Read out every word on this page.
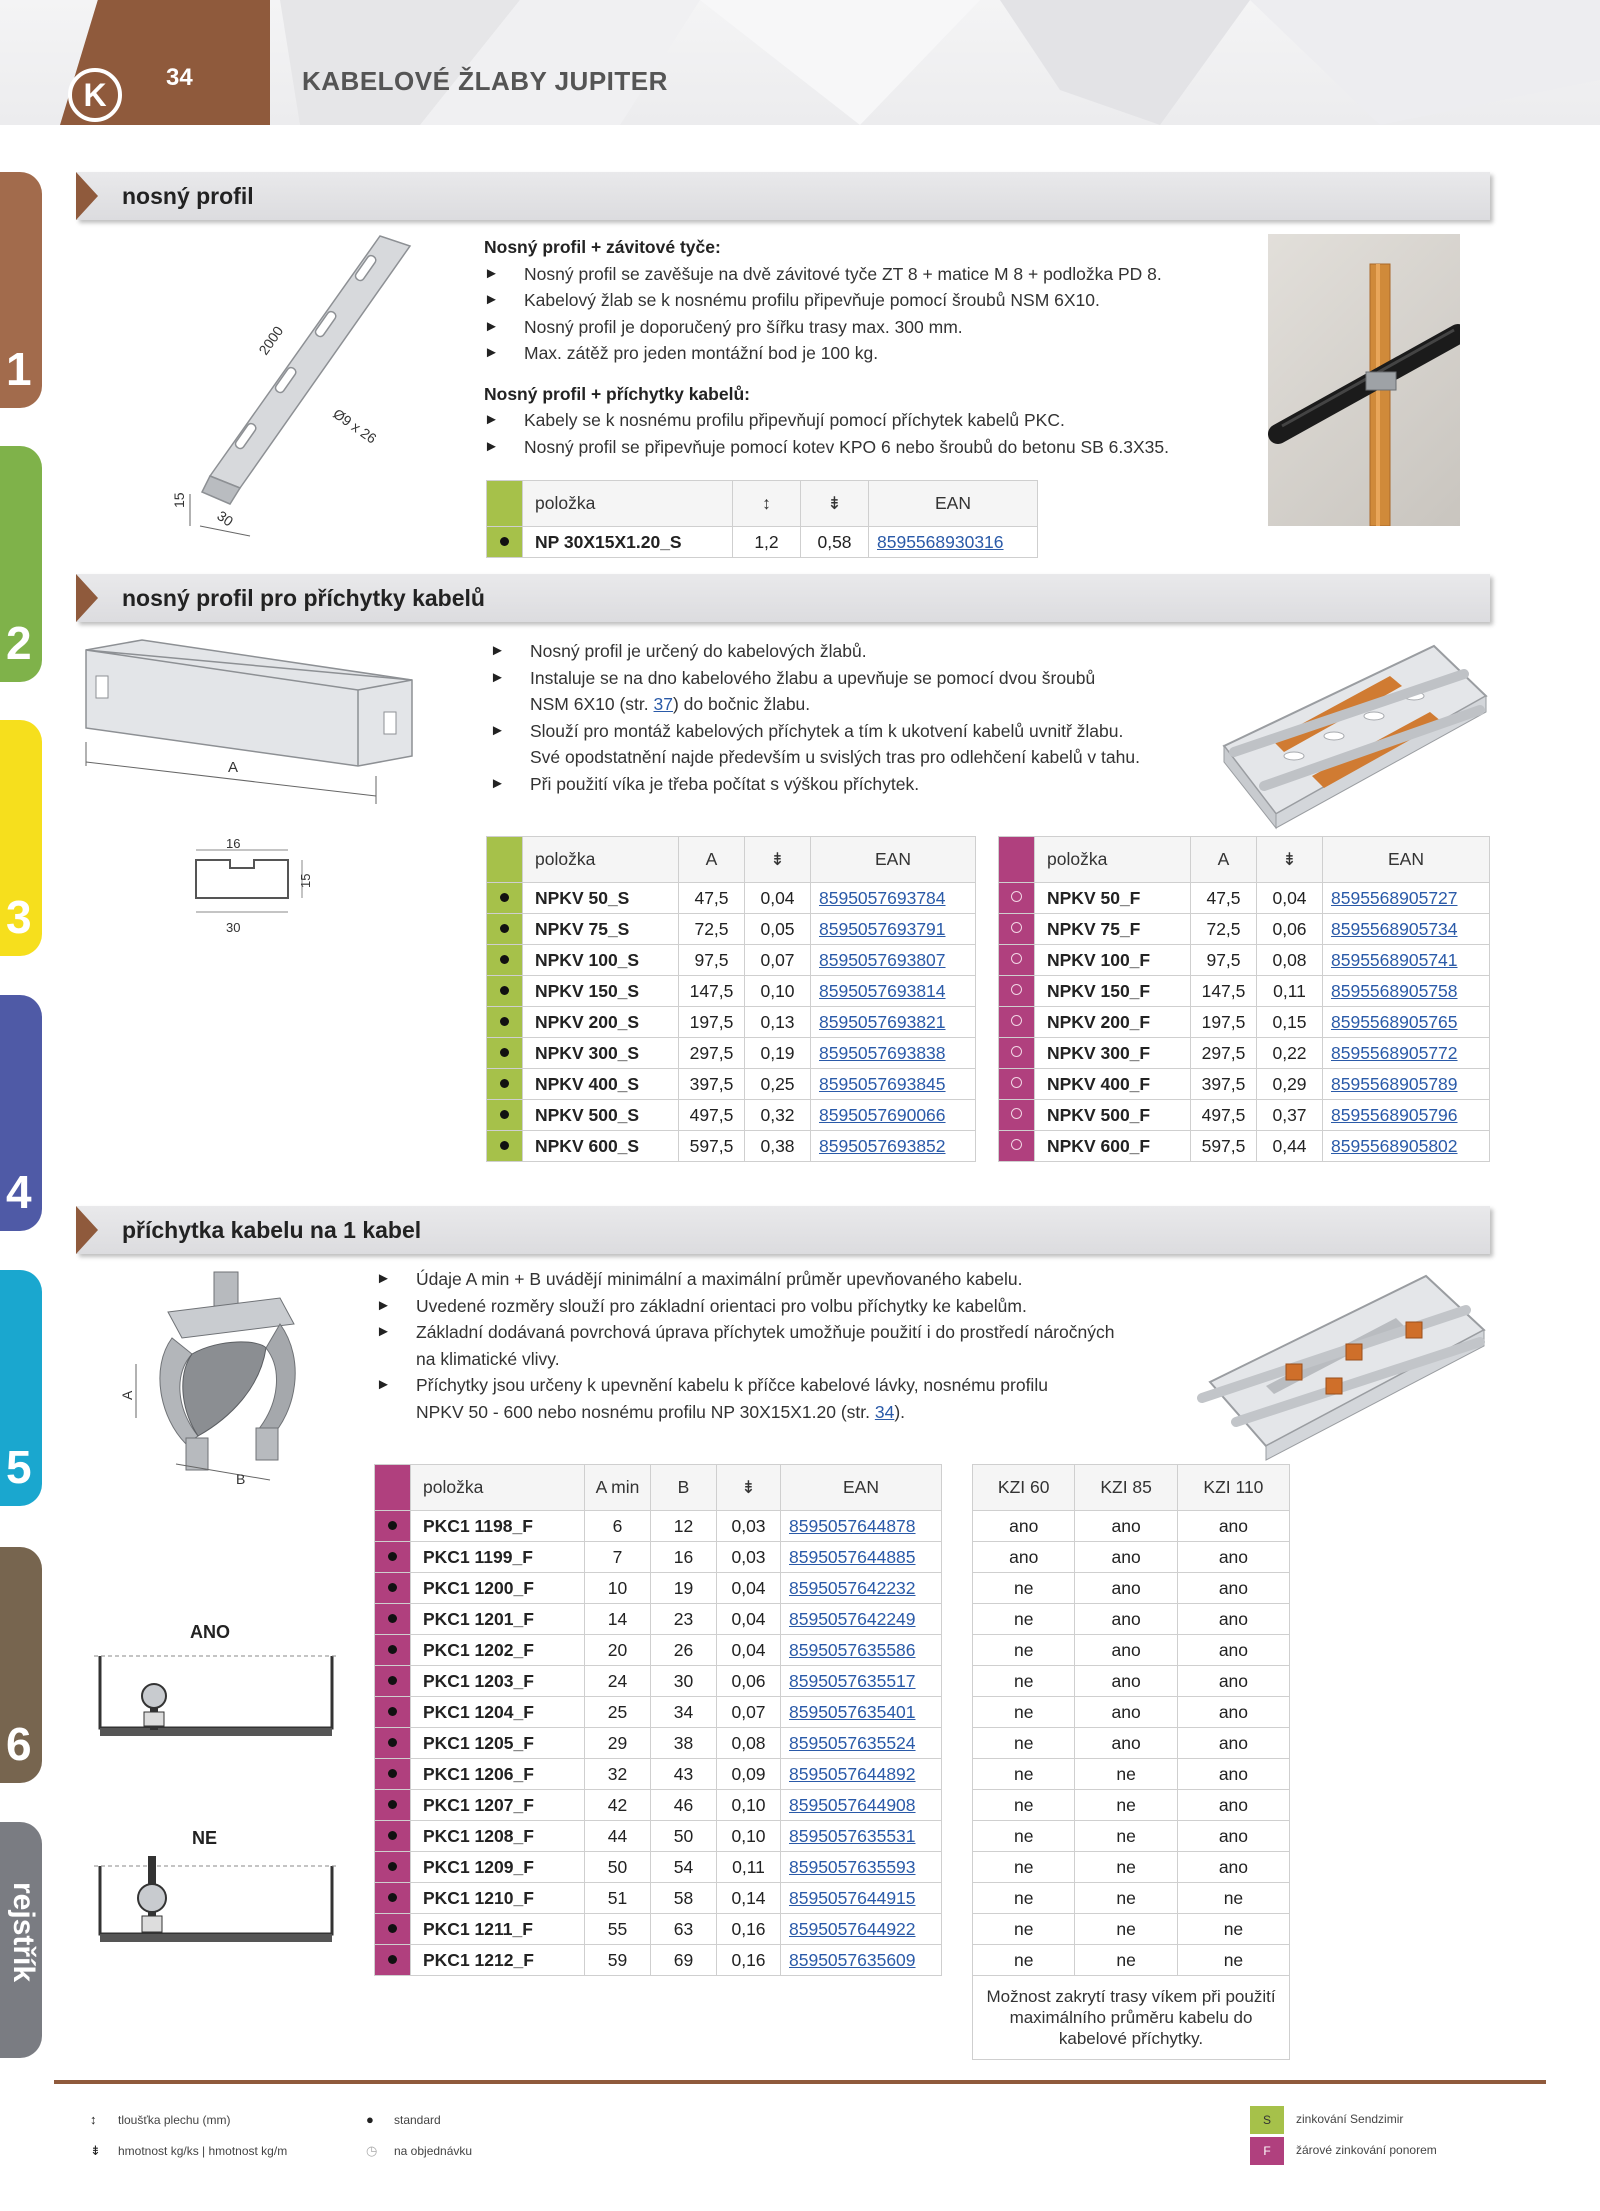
K	34	KABELOVÉ ŽLABY JUPITER
1
2
3
4
5
6
rejstřík
nosný profil
2000
Ø9 x 26
15
30
Nosný profil + závitové tyče:
► Nosný profil se zavěšuje na dvě závitové tyče ZT 8 + matice M 8 + podložka PD 8.
► Kabelový žlab se k nosnému profilu připevňuje pomocí šroubů NSM 6X10.
► Nosný profil je doporučený pro šířku trasy max. 300 mm.
► Max. zátěž pro jeden montážní bod je 100 kg.
Nosný profil + příchytky kabelů:
► Kabely se k nosnému profilu připevňují pomocí příchytek kabelů PKC.
► Nosný profil se připevňuje pomocí kotev KPO 6 nebo šroubů do betonu SB 6.3X35.
	položka	↕	⇟	EAN
	NP 30X15X1.20_S	1,2	0,58	8595568930316
nosný profil pro příchytky kabelů
A
16
15
30
► Nosný profil je určený do kabelových žlabů.
► Instaluje se na dno kabelového žlabu a upevňuje se pomocí dvou šroubů
NSM 6X10 (str. 37) do bočnic žlabu.
► Slouží pro montáž kabelových příchytek a tím k ukotvení kabelů uvnitř žlabu.
Své opodstatnění najde především u svislých tras pro odlehčení kabelů v tahu.
► Při použití víka je třeba počítat s výškou příchytek.
	položka	A	⇟	EAN
	NPKV 50_S	47,5	0,04	8595057693784
	NPKV 75_S	72,5	0,05	8595057693791
	NPKV 100_S	97,5	0,07	8595057693807
	NPKV 150_S	147,5	0,10	8595057693814
	NPKV 200_S	197,5	0,13	8595057693821
	NPKV 300_S	297,5	0,19	8595057693838
	NPKV 400_S	397,5	0,25	8595057693845
	NPKV 500_S	497,5	0,32	8595057690066
	NPKV 600_S	597,5	0,38	8595057693852
	položka	A	⇟	EAN
	NPKV 50_F	47,5	0,04	8595568905727
	NPKV 75_F	72,5	0,06	8595568905734
	NPKV 100_F	97,5	0,08	8595568905741
	NPKV 150_F	147,5	0,11	8595568905758
	NPKV 200_F	197,5	0,15	8595568905765
	NPKV 300_F	297,5	0,22	8595568905772
	NPKV 400_F	397,5	0,29	8595568905789
	NPKV 500_F	497,5	0,37	8595568905796
	NPKV 600_F	597,5	0,44	8595568905802
příchytka kabelu na 1 kabel
A
B
► Údaje A min + B uvádějí minimální a maximální průměr upevňovaného kabelu.
► Uvedené rozměry slouží pro základní orientaci pro volbu příchytky ke kabelům.
► Základní dodávaná povrchová úprava příchytek umožňuje použití i do prostředí náročných
na klimatické vlivy.
► Příchytky jsou určeny k upevnění kabelu k příčce kabelové lávky, nosnému profilu
NPKV 50 - 600 nebo nosnému profilu NP 30X15X1.20 (str. 34).
ANO
NE
	položka	A min	B	⇟	EAN
	PKC1 1198_F	6	12	0,03	8595057644878
	PKC1 1199_F	7	16	0,03	8595057644885
	PKC1 1200_F	10	19	0,04	8595057642232
	PKC1 1201_F	14	23	0,04	8595057642249
	PKC1 1202_F	20	26	0,04	8595057635586
	PKC1 1203_F	24	30	0,06	8595057635517
	PKC1 1204_F	25	34	0,07	8595057635401
	PKC1 1205_F	29	38	0,08	8595057635524
	PKC1 1206_F	32	43	0,09	8595057644892
	PKC1 1207_F	42	46	0,10	8595057644908
	PKC1 1208_F	44	50	0,10	8595057635531
	PKC1 1209_F	50	54	0,11	8595057635593
	PKC1 1210_F	51	58	0,14	8595057644915
	PKC1 1211_F	55	63	0,16	8595057644922
	PKC1 1212_F	59	69	0,16	8595057635609
KZI 60	KZI 85	KZI 110
ano	ano	ano
ano	ano	ano
ne	ano	ano
ne	ano	ano
ne	ano	ano
ne	ano	ano
ne	ano	ano
ne	ano	ano
ne	ne	ano
ne	ne	ano
ne	ne	ano
ne	ne	ano
ne	ne	ne
ne	ne	ne
ne	ne	ne
Možnost zakrytí trasy víkem při použití maximálního průměru kabelu do kabelové příchytky.		
↕ tloušťka plechu (mm)
⇟ hmotnost kg/ks | hmotnost kg/m
● standard
◷ na objednávku
S	zinkování Sendzimir
F	žárové zinkování ponorem
